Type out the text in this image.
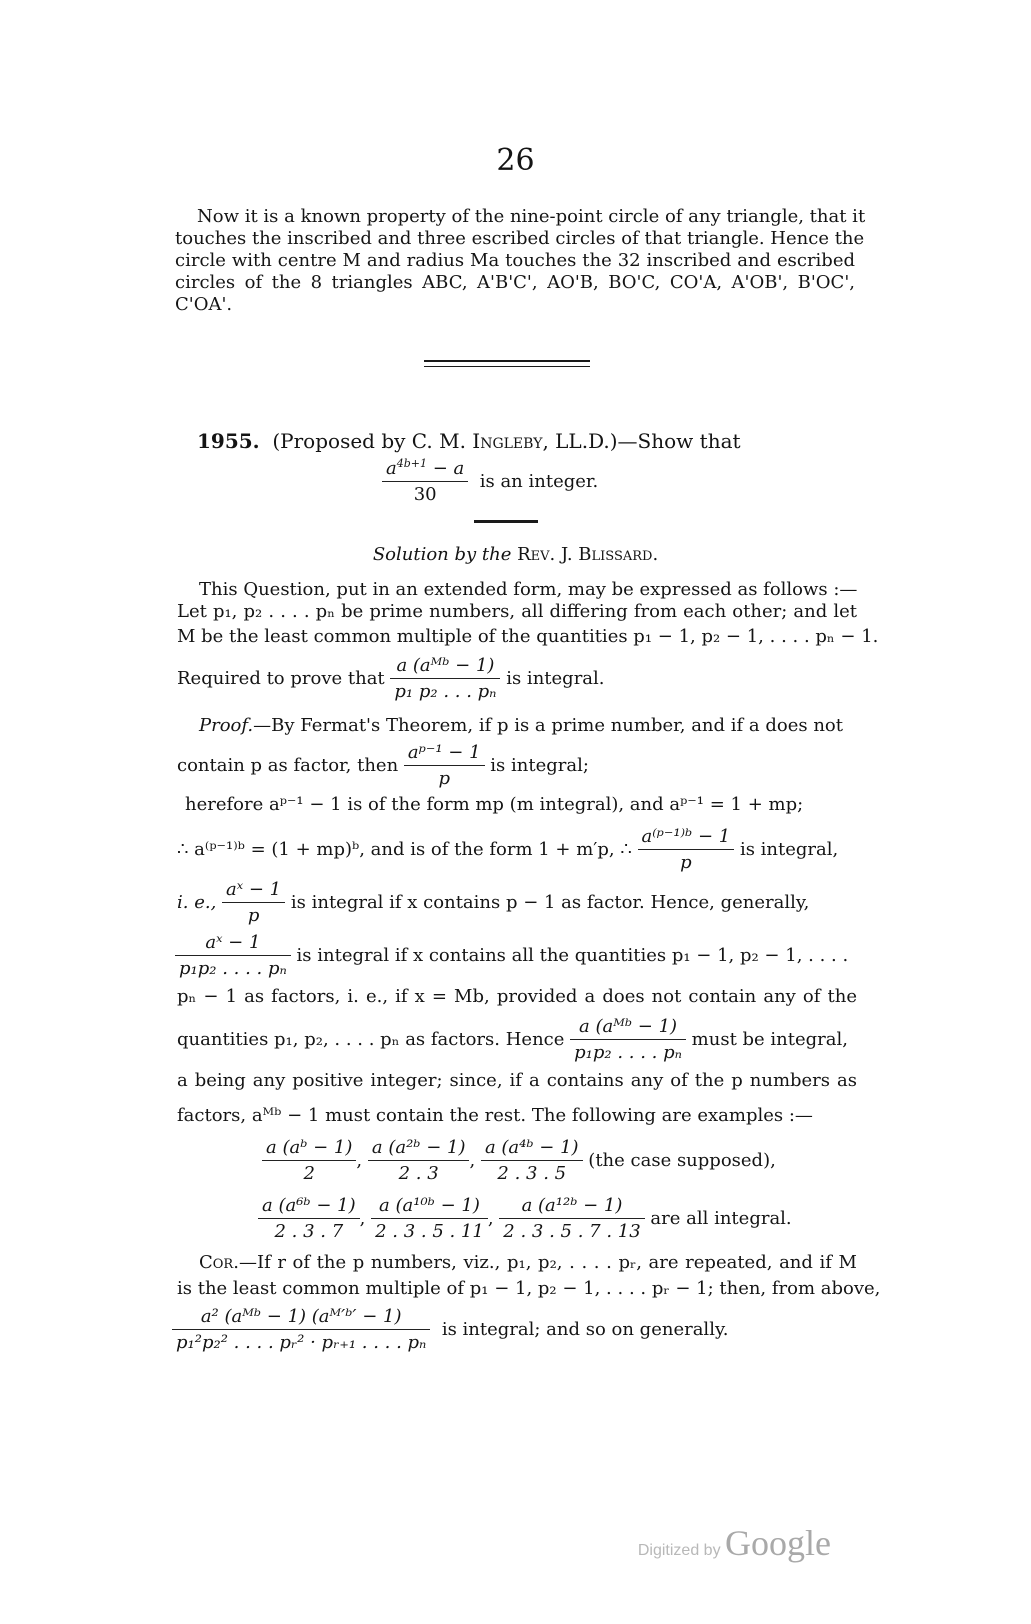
26
Now it is a known property of the nine-point circle of any triangle, that it
touches the inscribed and three escribed circles of that triangle. Hence the
circle with centre M and radius Ma touches the 32 inscribed and escribed
circles of the 8 triangles ABC, A'B'C', AO'B, BO'C, CO'A, A'OB', B'OC',
C'OA'.
1955. (Proposed by C. M. Ingleby, LL.D.)—Show that
$\frac{a^{4b+1} - a}{30}$ is an integer.
Solution by the Rev. J. Blissard.
This Question, put in an extended form, may be expressed as follows :—
Let p₁, p₂ . . . . pₙ be prime numbers, all differing from each other; and let
M be the least common multiple of the quantities p₁ − 1, p₂ − 1, . . . . pₙ − 1.
Required to prove that $\frac{\text{a (aᴹᵇ − 1)}}{\text{p₁ p₂ . . . pₙ}}$ is integral.
Proof.—By Fermat's Theorem, if p is a prime number, and if a does not
contain p as factor, then $\frac{\text{aᵖ⁻¹ − 1}}{p}$ is integral;
herefore aᵖ⁻¹ − 1 is of the form mp (m integral), and aᵖ⁻¹ = 1 + mp;
∴ a⁽ᵖ⁻¹⁾ᵇ = (1 + mp)ᵇ, and is of the form 1 + m′p, ∴ $\frac{\text{a⁽ᵖ⁻¹⁾ᵇ − 1}}{p}$ is integral,
i. e., $\frac{\text{aˣ − 1}}{p}$ is integral if x contains p − 1 as factor. Hence, generally,
$\frac{\text{aˣ − 1}}{\text{p₁p₂ . . . . pₙ}}$ is integral if x contains all the quantities p₁ − 1, p₂ − 1, . . . .
pₙ − 1 as factors, i. e., if x = Mb, provided a does not contain any of the
quantities p₁, p₂, . . . . pₙ as factors. Hence $\frac{\text{a (aᴹᵇ − 1)}}{\text{p₁p₂ . . . . pₙ}}$ must be integral,
a being any positive integer; since, if a contains any of the p numbers as
factors, aᴹᵇ − 1 must contain the rest. The following are examples :—
$\frac{\text{a (aᵇ − 1)}}{2}$ , $\frac{\text{a (a²ᵇ − 1)}}{2 . 3}$ , $\frac{\text{a (a⁴ᵇ − 1)}}{2 . 3 . 5} (the$ case supposed),
$\frac{\text{a (a⁶ᵇ − 1)}}{2 . 3 . 7}$ , $\frac{\text{a (a¹⁰ᵇ − 1)}}{2 . 3 . 5 . 11}$ , $\frac{\text{a (a¹²ᵇ − 1)}}{2 . 3 . 5 . 7 . 13}$ are all integral.
Cor.—If r of the p numbers, viz., p₁, p₂, . . . . pᵣ, are repeated, and if M
is the least common multiple of p₁ − 1, p₂ − 1, . . . . pᵣ − 1; then, from above,
$\frac{\text{a² (aᴹᵇ − 1) (aᴹ′ᵇ′ − 1)}}{\text{p₁²p₂² . . . . pᵣ² · pᵣ₊₁ . . . . pₙ}}$ is integral; and so on generally.
Digitized by Google
